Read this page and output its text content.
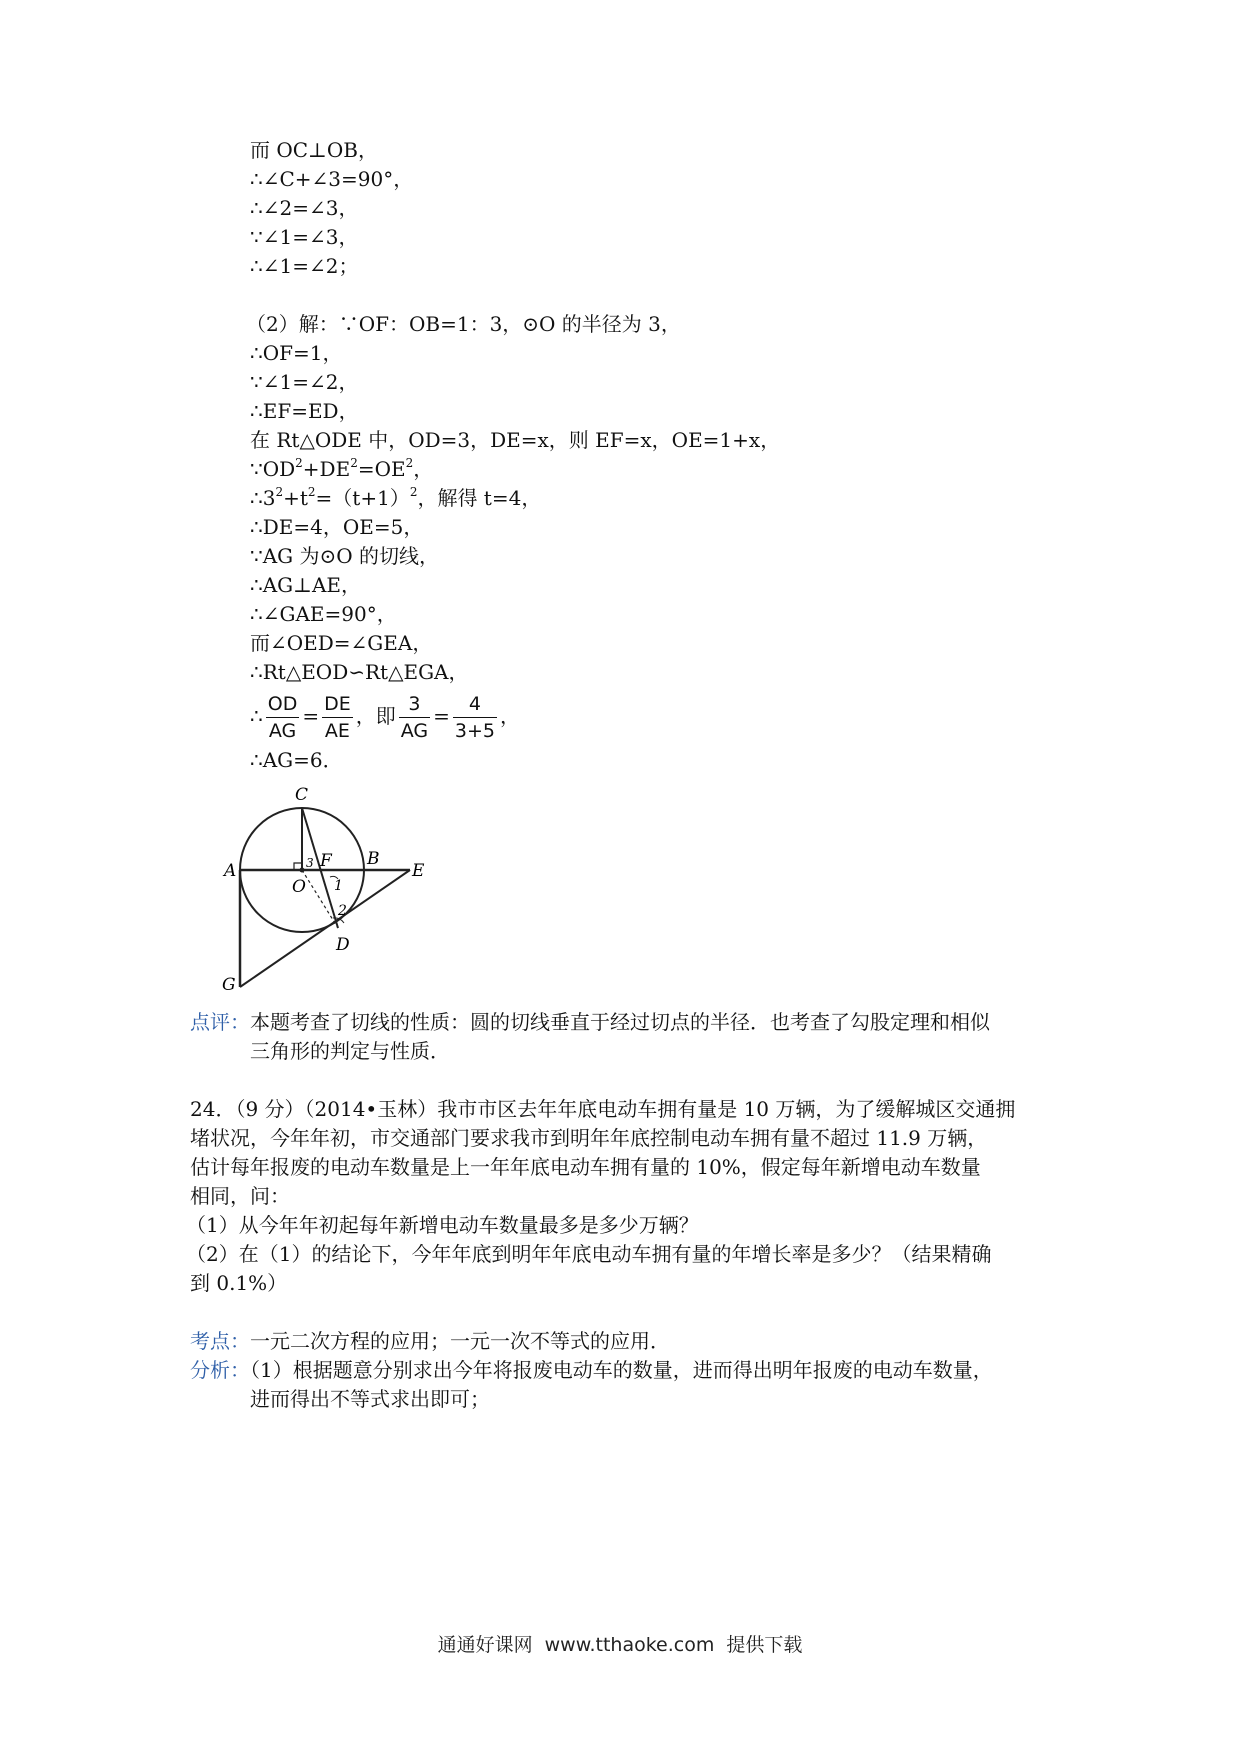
而 OC⊥OB，
∴∠C+∠3=90°，
∴∠2=∠3，
∵∠1=∠3，
∴∠1=∠2；
（2）解：∵OF：OB=1：3，⊙O 的半径为 3，
∴OF=1，
∵∠1=∠2，
∴EF=ED，
在 Rt△ODE 中，OD=3，DE=x，则 EF=x，OE=1+x，
$\because OD^2+DE^2=OE^2$，
$\therefore 3^2+t^2=(t+1)^2$，解得 t=4，
∴DE=4，OE=5，
∵AG 为⊙O 的切线，
∴AG⊥AE，
∴∠GAE=90°，
而∠OED=∠GEA，
∴Rt△EOD∽Rt△EGA，
∴ $\frac{OD}{AG} = \frac{DE}{AE}$ ，即 $\frac{3}{AG} = \frac{4}{3+5}$ ，
∴AG=6．
C
A
O
F B
E
D
G
1
2
3
点评：本题考查了切线的性质：圆的切线垂直于经过切点的半径．也考查了勾股定理和相似
三角形的判定与性质．
24．（9 分）（2014•玉林）我市市区去年年底电动车拥有量是 10 万辆，为了缓解城区交通拥
堵状况，今年年初，市交通部门要求我市到明年年底控制电动车拥有量不超过 11.9 万辆，
估计每年报废的电动车数量是上一年年底电动车拥有量的 10%，假定每年新增电动车数量
相同，问：
（1）从今年年初起每年新增电动车数量最多是多少万辆？
（2）在（1）的结论下，今年年底到明年年底电动车拥有量的年增长率是多少？（结果精确
到 0.1%）
考点：一元二次方程的应用；一元一次不等式的应用．
分析：（1）根据题意分别求出今年将报废电动车的数量，进而得出明年报废的电动车数量，
进而得出不等式求出即可；
通通好课网 www.tthaoke.com 提供下载
